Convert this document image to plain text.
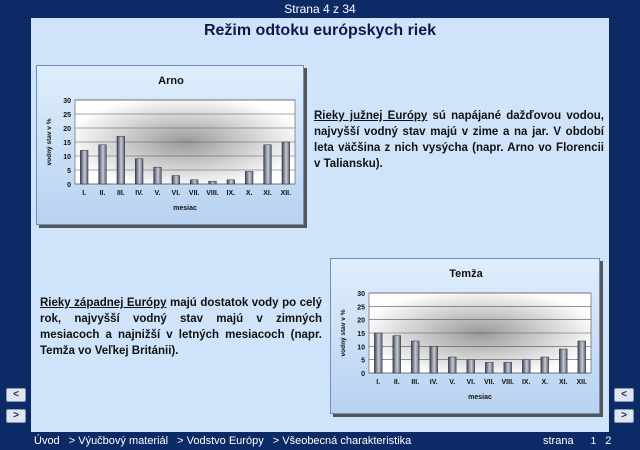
Strana 4 z 34
Režim odtoku európskych riek
Arno
0
5
10
15
20
25
30
I. II. III. IV. V. VI. VII. VIII. IX. X. XI. XII.
mesiac
vodný stav v %
Rieky južnej Európy sú napájané dažďovou vodou, najvyšší vodný stav majú v zime a na jar. V období leta väčšina z nich vysýcha (napr. Arno vo Florencii v Taliansku).
Rieky západnej Európy majú dostatok vody po celý rok, najvyšší vodný stav majú v zimných mesiacoch a najnižší v letných mesiacoch (napr. Temža vo Veľkej Británii).
Temža
0
5
10
15
20
25
30
I. II. III. IV. V. VI. VII. VIII. IX. X. XI. XII.
mesiac
vodný stav v %
<
>
<
>
Úvod > Výučbový materiál > Vodstvo Európy > Všeobecná charakteristika	strana 1 2
